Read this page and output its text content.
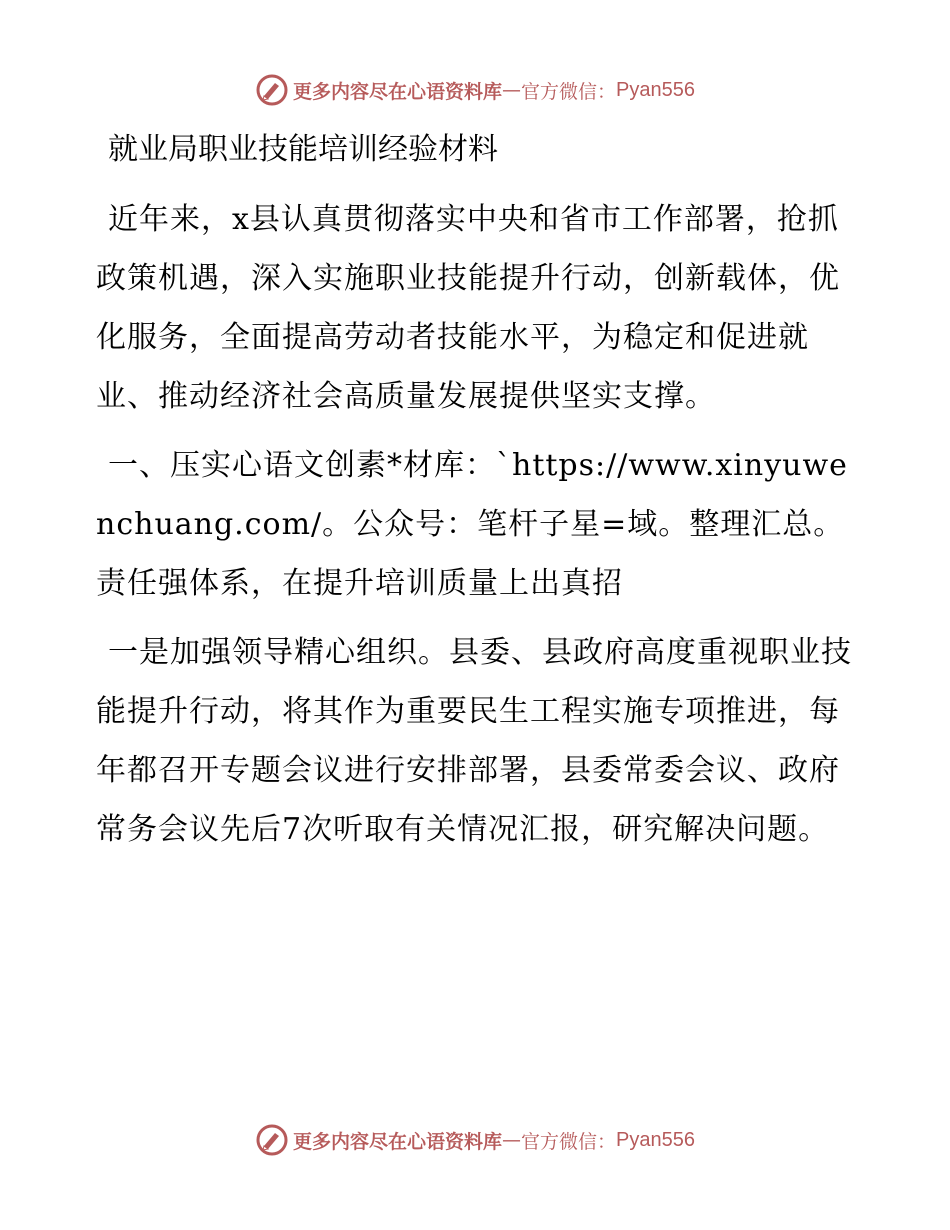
更多内容尽在心语资料库 — 官方微信： Pyan556
就业局职业技能培训经验材料

近年来，x县认真贯彻落实中央和省市工作部署，抢抓政策机遇，深入实施职业技能提升行动，创新载体，优化服务，全面提高劳动者技能水平，为稳定和促进就业、推动经济社会高质量发展提供坚实支撑。

一、压实心语文创素*材库：`https://www.xinyuwenchuang.com/。公众号：笔杆子星=域。整理汇总。责任强体系，在提升培训质量上出真招

一是加强领导精心组织。县委、县政府高度重视职业技能提升行动，将其作为重要民生工程实施专项推进，每年都召开专题会议进行安排部署，县委常委会议、政府常务会议先后7次听取有关情况汇报，研究解决问题。

更多内容尽在心语资料库 — 官方微信： Pyan556
